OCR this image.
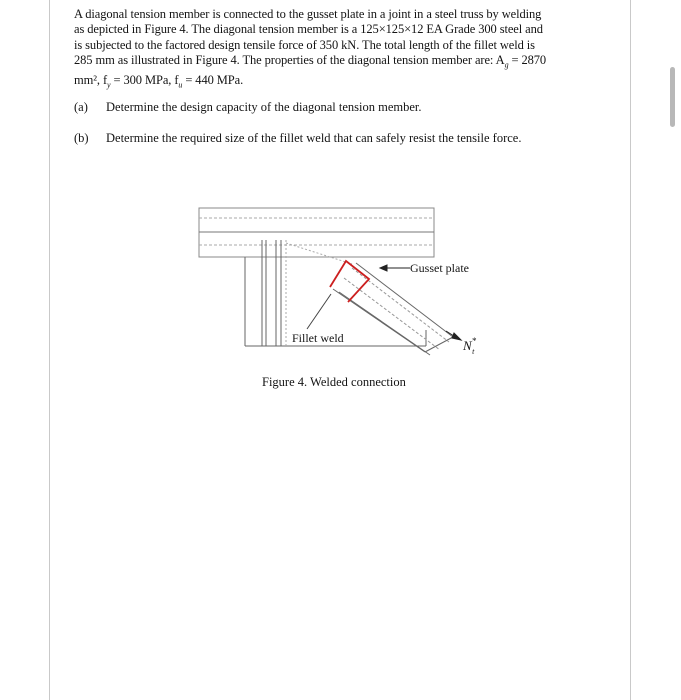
A diagonal tension member is connected to the gusset plate in a joint in a steel truss by welding
as depicted in Figure 4. The diagonal tension member is a 125×125×12 EA Grade 300 steel and
is subjected to the factored design tensile force of 350 kN. The total length of the fillet weld is
285 mm as illustrated in Figure 4. The properties of the diagonal tension member are: $A_g = 2870$
mm², $f_y = 300$ MPa, $f_u = 440$ MPa.
(a) Determine the design capacity of the diagonal tension member.
(b) Determine the required size of the fillet weld that can safely resist the tensile force.
Gusset plate
Fillet weld	N* t
Figure 4. Welded connection
